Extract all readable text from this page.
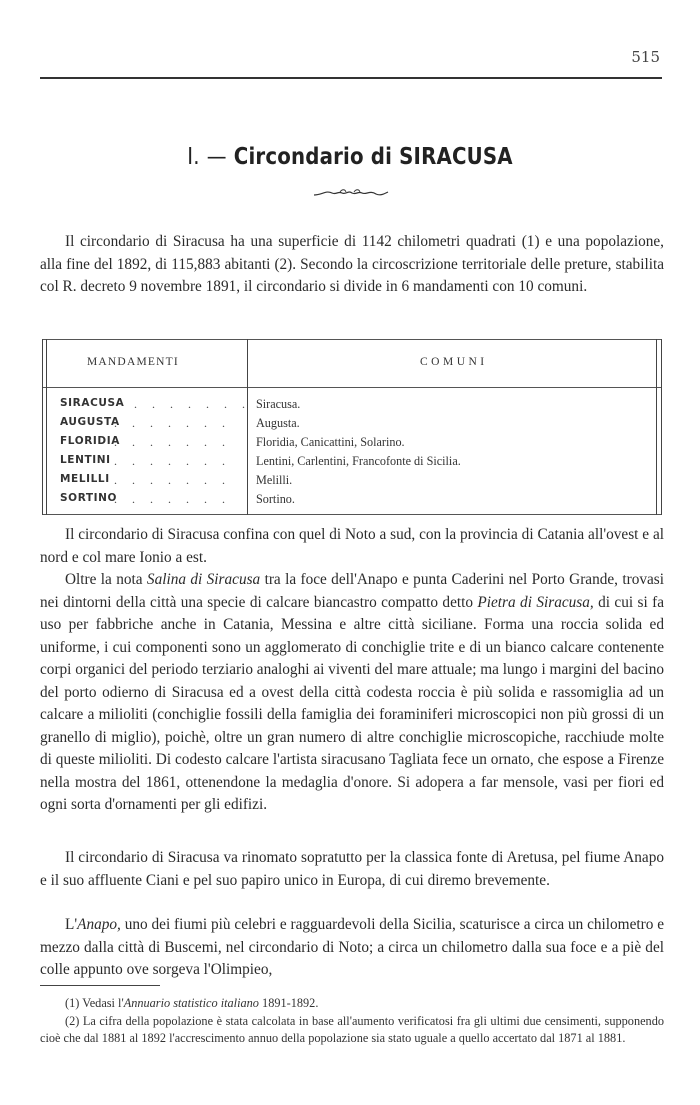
515
I. — Circondario di SIRACUSA

Il circondario di Siracusa ha una superficie di 1142 chilometri quadrati (1) e una popolazione, alla fine del 1892, di 115,883 abitanti (2). Secondo la circoscrizione territoriale delle preture, stabilita col R. decreto 9 novembre 1891, il circondario si divide in 6 mandamenti con 10 comuni.

MANDAMENTI	COMUNI
SIRACUSA . . . . . . . Siracusa.
AUGUSTA
. . . . . . . Augusta.
FLORIDIA
. . . . . . . Floridia, Canicattini, Solarino.
LENTINI . . . . . . . Lentini, Carlentini, Francofonte di Sicilia.
MELILLI . . . . . . . Melilli.
SORTINO
. . . . . . . Sortino.

Il circondario di Siracusa confina con quel di Noto a sud, con la provincia di Catania all'ovest e al nord e col mare Ionio a est.

Oltre la nota Salina di Siracusa tra la foce dell'Anapo e punta Caderini nel Porto Grande, trovasi nei dintorni della città una specie di calcare biancastro compatto detto Pietra di Siracusa, di cui si fa uso per fabbriche anche in Catania, Messina e altre città siciliane. Forma una roccia solida ed uniforme, i cui componenti sono un agglomerato di conchiglie trite e di un bianco calcare contenente corpi organici del periodo terziario analoghi ai viventi del mare attuale; ma lungo i margini del bacino del porto odierno di Siracusa ed a ovest della città codesta roccia è più solida e rassomiglia ad un calcare a milioliti (conchiglie fossili della famiglia dei foraminiferi microscopici non più grossi di un granello di miglio), poichè, oltre un gran numero di altre conchiglie microscopiche, racchiude molte di queste milioliti. Di codesto calcare l'artista siracusano Tagliata fece un ornato, che espose a Firenze nella mostra del 1861, ottenendone la medaglia d'onore. Si adopera a far mensole, vasi per fiori ed ogni sorta d'ornamenti per gli edifizi.

Il circondario di Siracusa va rinomato sopratutto per la classica fonte di Aretusa, pel fiume Anapo e il suo affluente Ciani e pel suo papiro unico in Europa, di cui diremo brevemente.

L'Anapo, uno dei fiumi più celebri e ragguardevoli della Sicilia, scaturisce a circa un chilometro e mezzo dalla città di Buscemi, nel circondario di Noto; a circa un chilometro dalla sua foce e a piè del colle appunto ove sorgeva l'Olimpieo,

(1) Vedasi l'Annuario statistico italiano 1891-1892.

(2) La cifra della popolazione è stata calcolata in base all'aumento verificatosi fra gli ultimi due censimenti, supponendo cioè che dal 1881 al 1892 l'accrescimento annuo della popolazione sia stato uguale a quello accertato dal 1871 al 1881.
